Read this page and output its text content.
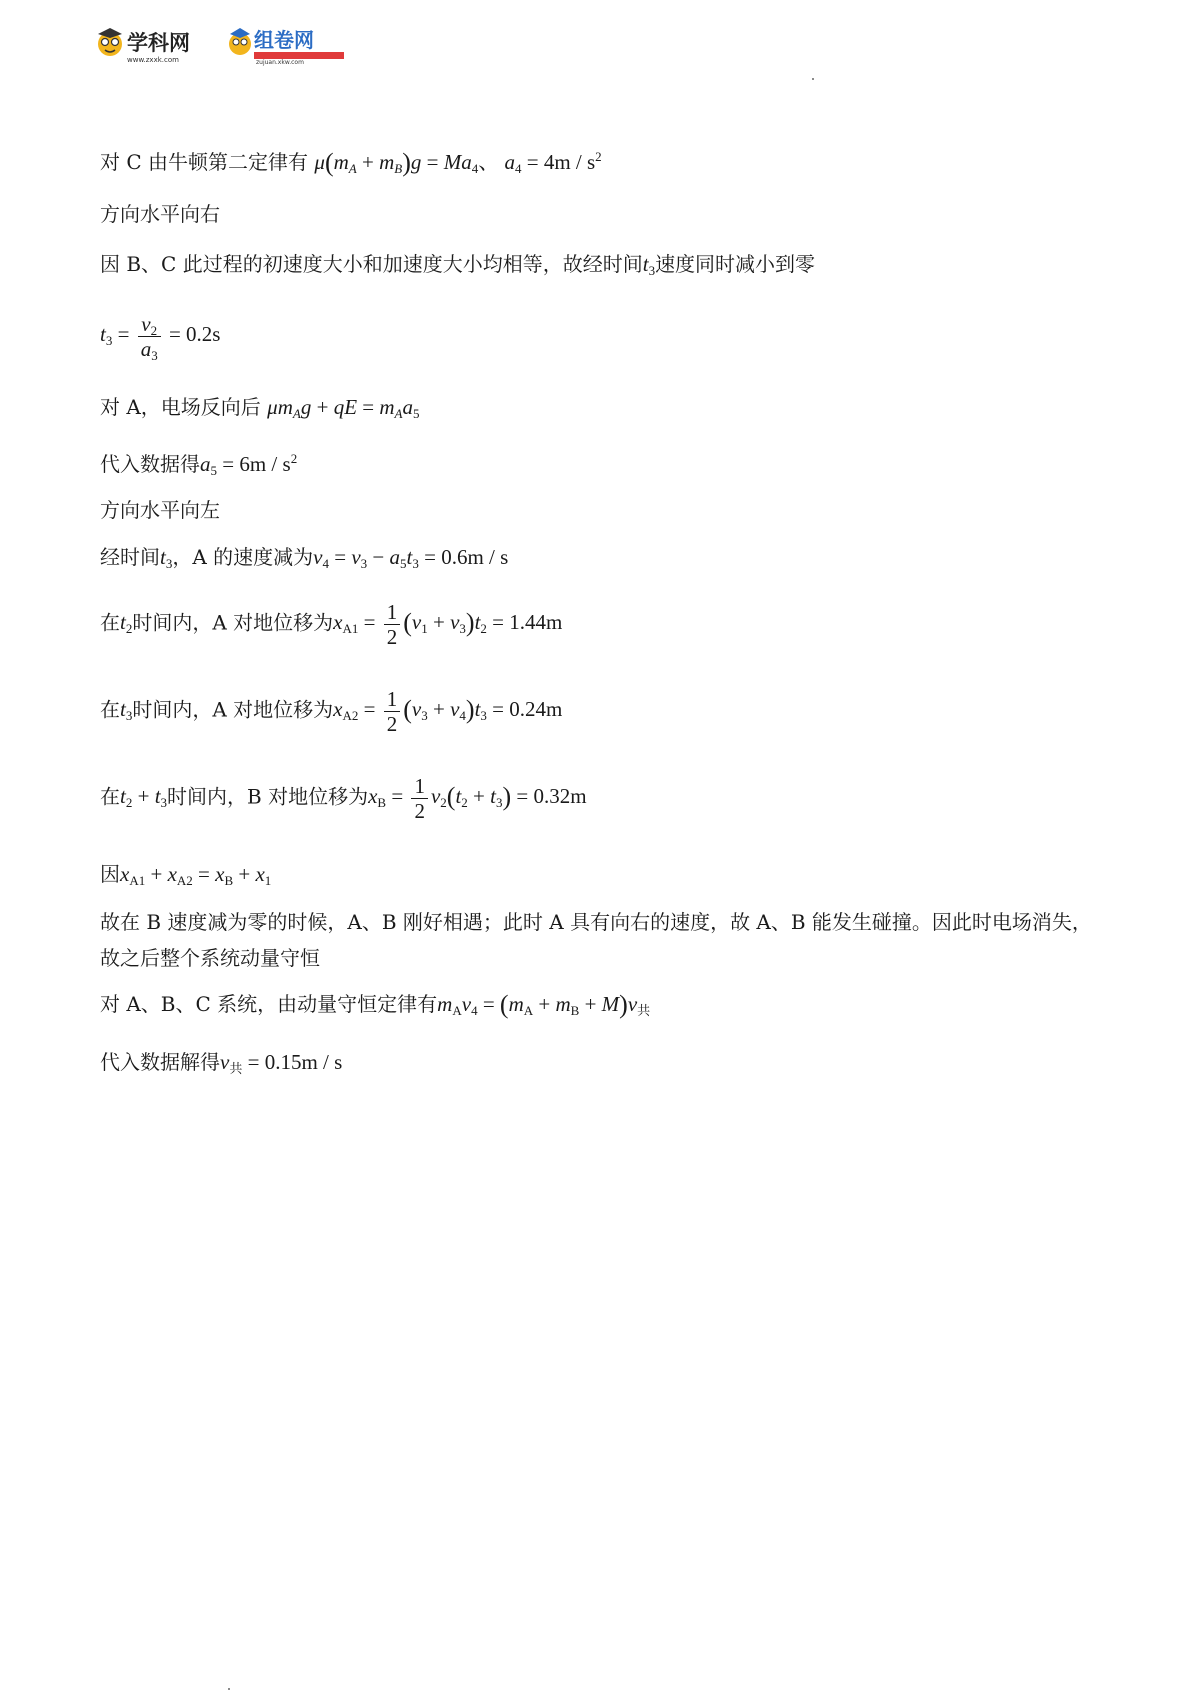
学科网
www.zxxk.com
组卷网
zujuan.xkw.com
对 C 由牛顿第二定律有 $\mu(m_A + m_B)g = Ma_4$、 $a_4 = 4m / s^2$
方向水平向右
因 B、C 此过程的初速度大小和加速度大小均相等，故经时间$t_3$速度同时减小到零
$t_3 = \frac{v_2}{a_3} = 0.2s$
对 A，电场反向后 $\mu m_Ag$ + qE = $m_Aa_5$
代入数据得$a_5 = 6m / s^2$
方向水平向左
经时间$t_3$，A 的速度减为$v_4 = v_3 - a_5t_3 = 0.6m / s$
在$t_2$时间内，A 对地位移为$x_{A1} = \frac{1}{2} (v_1 + v_3)t_2 = 1.44m$
在$t_3$时间内，A 对地位移为$x_{A2} = \frac{1}{2} (v_3 + v_4)t_3 = 0.24m$
在$t_2 + t_3$时间内，B 对地位移为$x_B = \frac{1}{2} v_2(t_2 + t_3) = 0.32m$
因$x_{A1} + x_{A2} = x_B + x_1$
故在 B 速度减为零的时候，A、B 刚好相遇；此时 A 具有向右的速度，故 A、B 能发生碰撞。因此时电场消失，
故之后整个系统动量守恒
对 A、B、C 系统，由动量守恒定律有$m_Av_4 = (m_A + m_B + M)v_共$
代入数据解得$v_共 = 0.15m / s$
